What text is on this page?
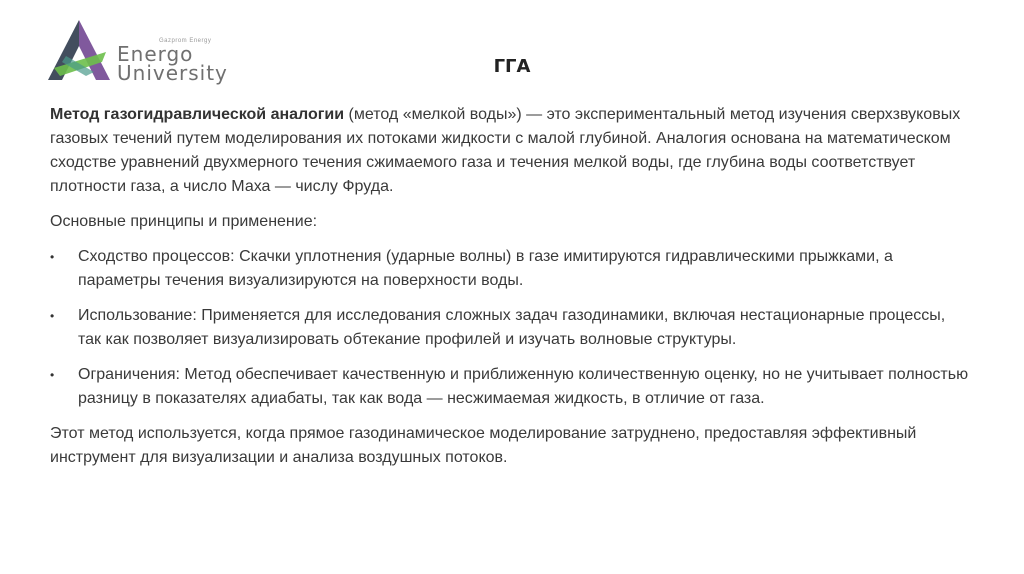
Gazprom Energy
Energo
University	ГГА

Метод газогидравлической аналогии (метод «мелкой воды») — это экспериментальный метод изучения сверхзвуковых газовых течений путем моделирования их потоками жидкости с малой глубиной. Аналогия основана на математическом сходстве уравнений двухмерного течения сжимаемого газа и течения мелкой воды, где глубина воды соответствует плотности газа, а число Маха — числу Фруда.

Основные принципы и применение:

• Сходство процессов: Скачки уплотнения (ударные волны) в газе имитируются гидравлическими прыжками, а параметры течения визуализируются на поверхности воды.
• Использование: Применяется для исследования сложных задач газодинамики, включая нестационарные процессы, так как позволяет визуализировать обтекание профилей и изучать волновые структуры.
• Ограничения: Метод обеспечивает качественную и приближенную количественную оценку, но не учитывает полностью разницу в показателях адиабаты, так как вода — несжимаемая жидкость, в отличие от газа.

Этот метод используется, когда прямое газодинамическое моделирование затруднено, предоставляя эффективный инструмент для визуализации и анализа воздушных потоков.
